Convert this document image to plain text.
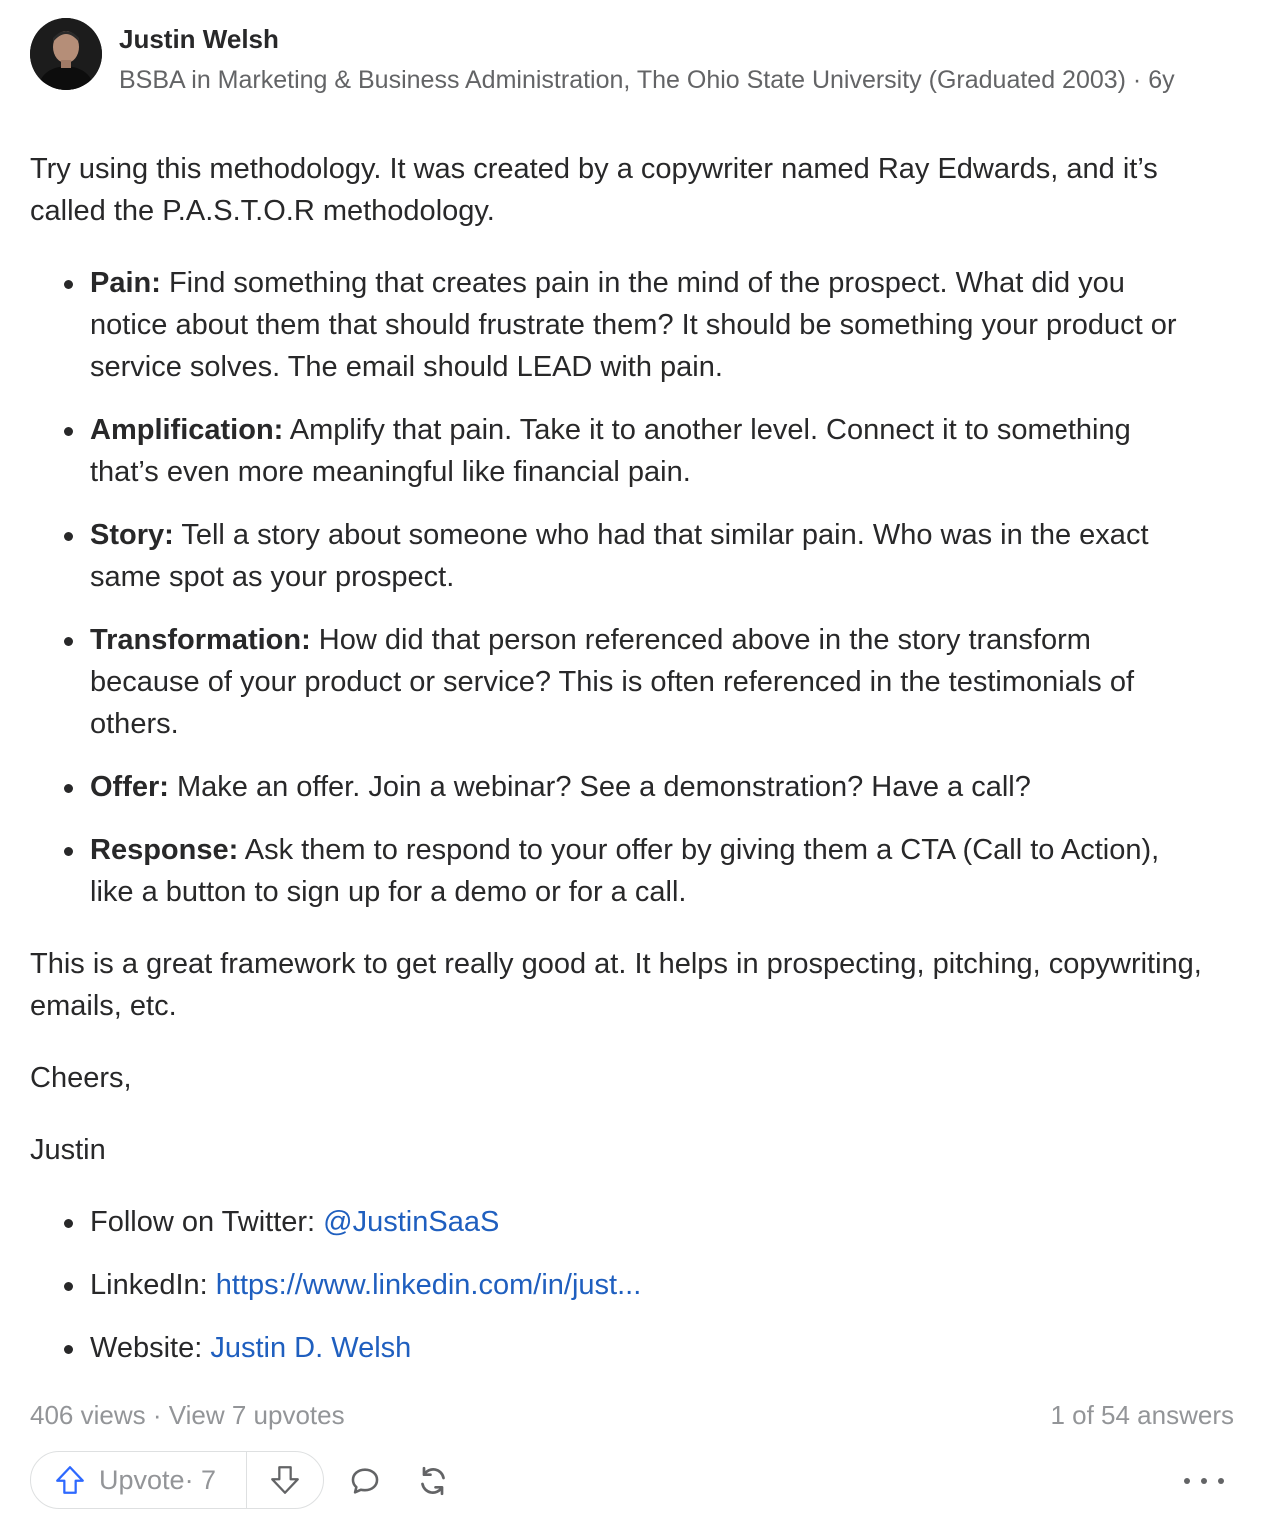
Justin Welsh
BSBA in Marketing & Business Administration, The Ohio State University (Graduated 2003) · 6y

Try using this methodology. It was created by a copywriter named Ray Edwards, and it’s called the P.A.S.T.O.R methodology.

Pain: Find something that creates pain in the mind of the prospect. What did you notice about them that should frustrate them? It should be something your product or service solves. The email should LEAD with pain.
Amplification: Amplify that pain. Take it to another level. Connect it to something that’s even more meaningful like financial pain.
Story: Tell a story about someone who had that similar pain. Who was in the exact same spot as your prospect.
Transformation: How did that person referenced above in the story transform because of your product or service? This is often referenced in the testimonials of others.
Offer: Make an offer. Join a webinar? See a demonstration? Have a call?
Response: Ask them to respond to your offer by giving them a CTA (Call to Action), like a button to sign up for a demo or for a call.

This is a great framework to get really good at. It helps in prospecting, pitching, copywriting, emails, etc.

Cheers,

Justin

Follow on Twitter: @JustinSaaS
LinkedIn: https://www.linkedin.com/in/just...
Website: Justin D. Welsh
406 views · View 7 upvotes	1 of 54 answers
Upvote · 7
